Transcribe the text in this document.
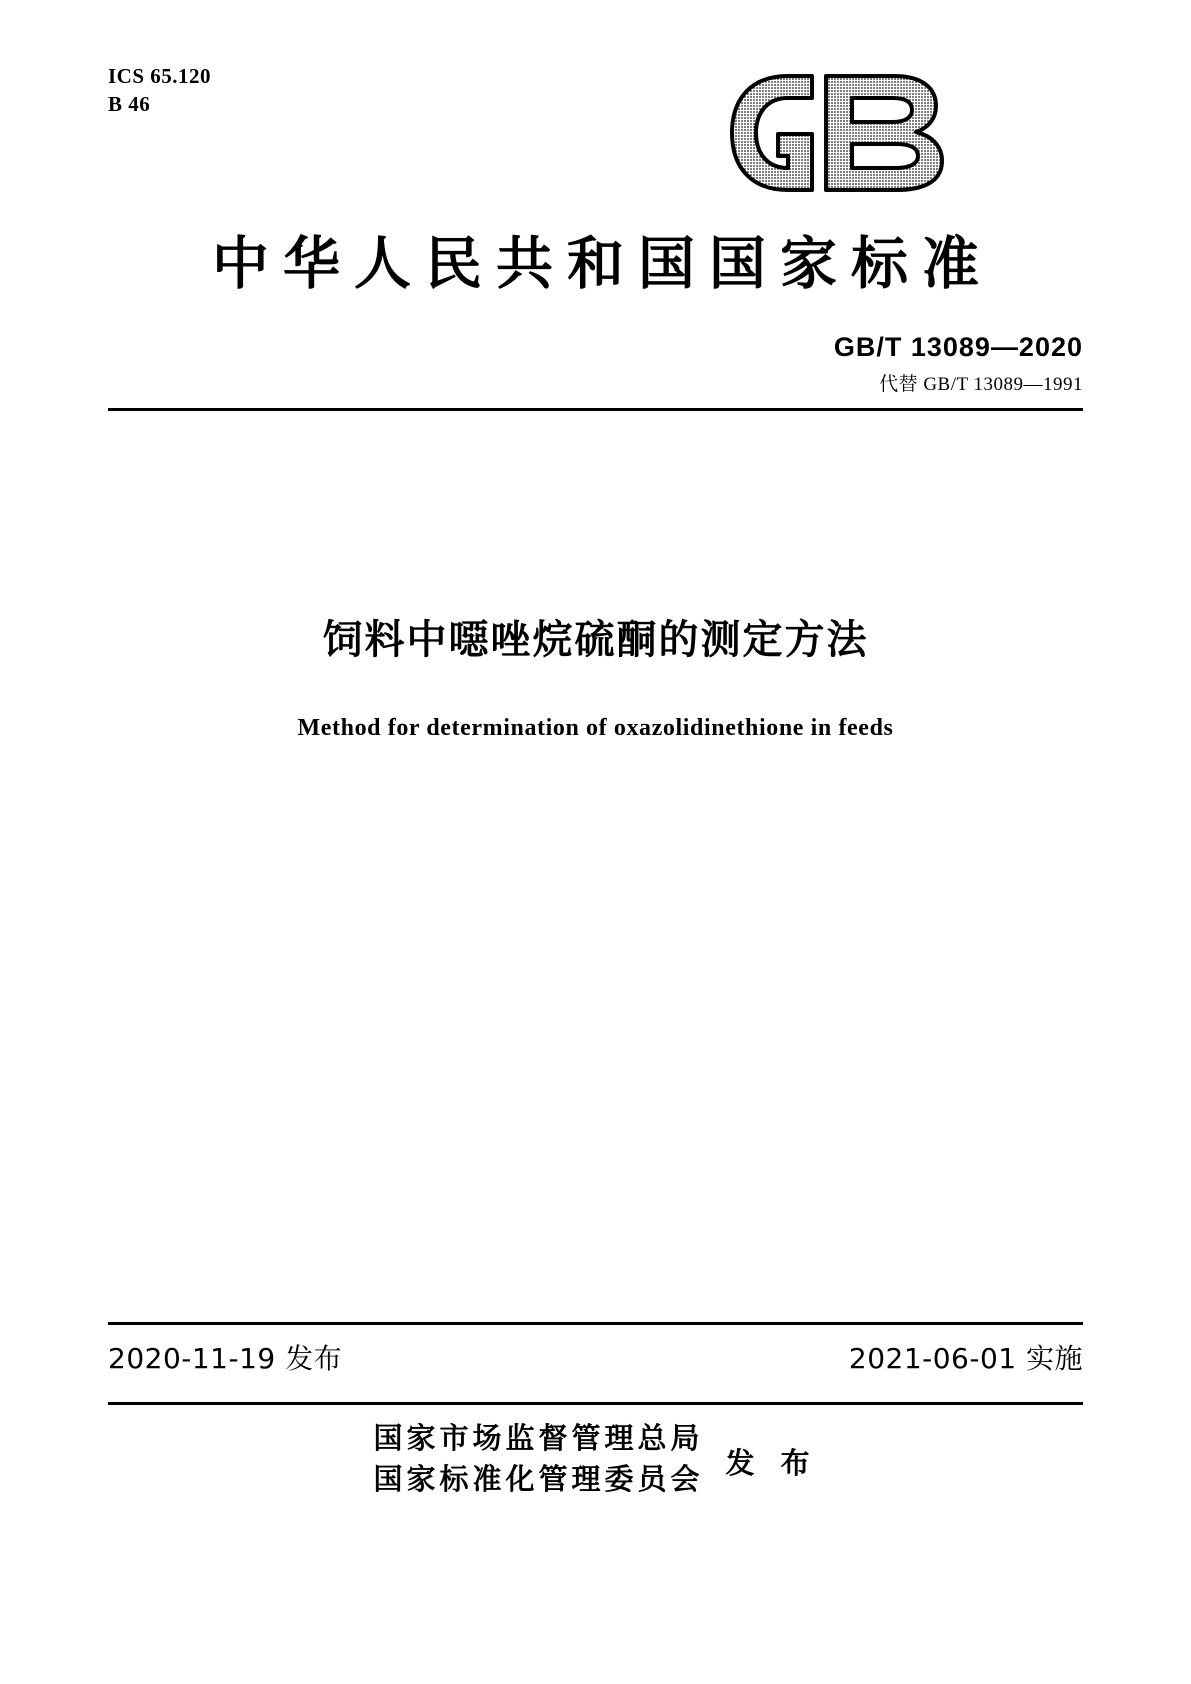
ICS 65.120
B 46
中华人民共和国国家标准
GB/T 13089—2020
代替 GB/T 13089—1991
饲料中噁唑烷硫酮的测定方法
Method for determination of oxazolidinethione in feeds
2020-11-19 发布	2021-06-01 实施
国家市场监督管理总局
国家标准化管理委员会 发 布
